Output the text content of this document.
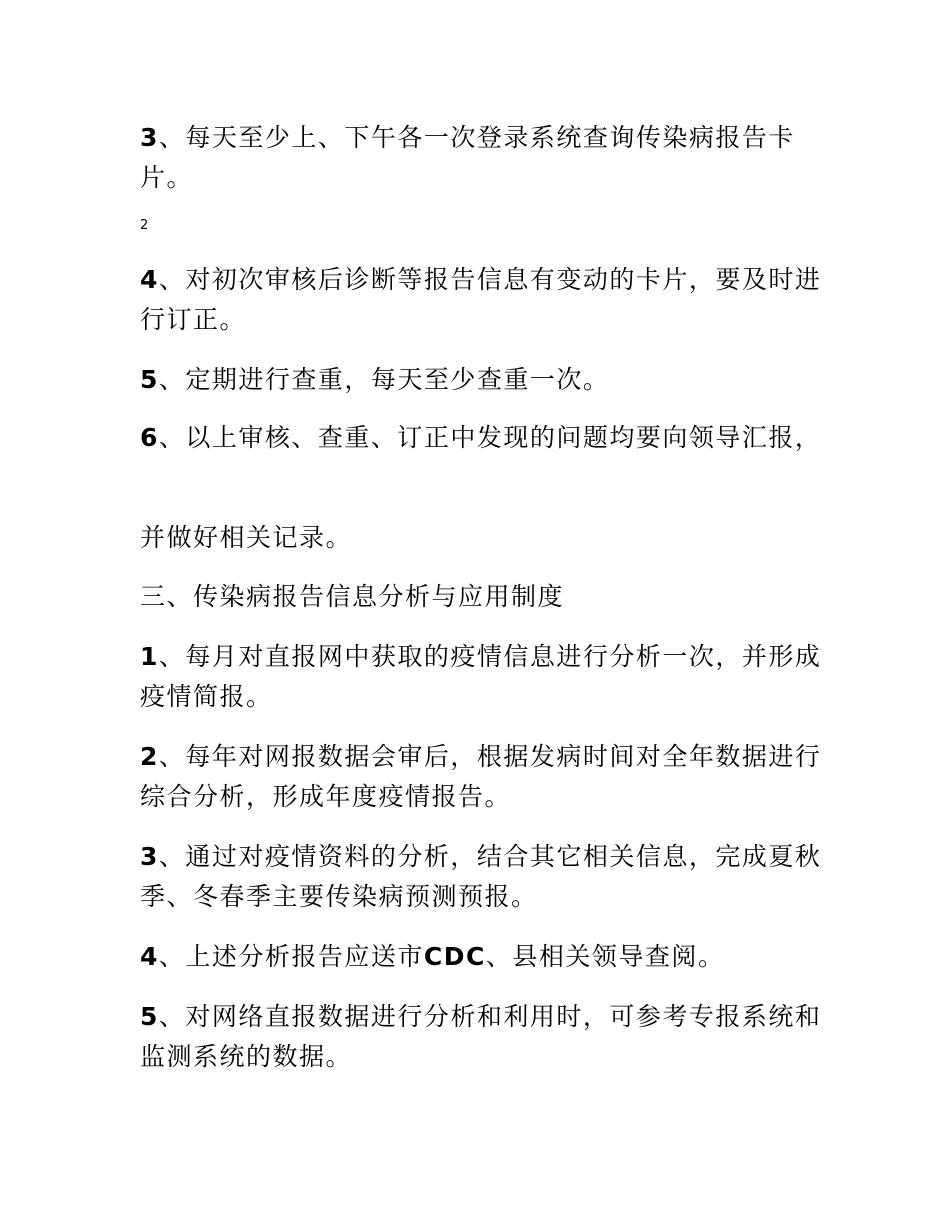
3、每天至少上、下午各一次登录系统查询传染病报告卡片。

2

4、对初次审核后诊断等报告信息有变动的卡片，要及时进行订正。

5、定期进行查重，每天至少查重一次。

6、以上审核、查重、订正中发现的问题均要向领导汇报，

并做好相关记录。

三、传染病报告信息分析与应用制度

1、每月对直报网中获取的疫情信息进行分析一次，并形成疫情简报。

2、每年对网报数据会审后，根据发病时间对全年数据进行综合分析，形成年度疫情报告。

3、通过对疫情资料的分析，结合其它相关信息，完成夏秋季、冬春季主要传染病预测预报。

4、上述分析报告应送市CDC、县相关领导查阅。

5、对网络直报数据进行分析和利用时，可参考专报系统和监测系统的数据。
